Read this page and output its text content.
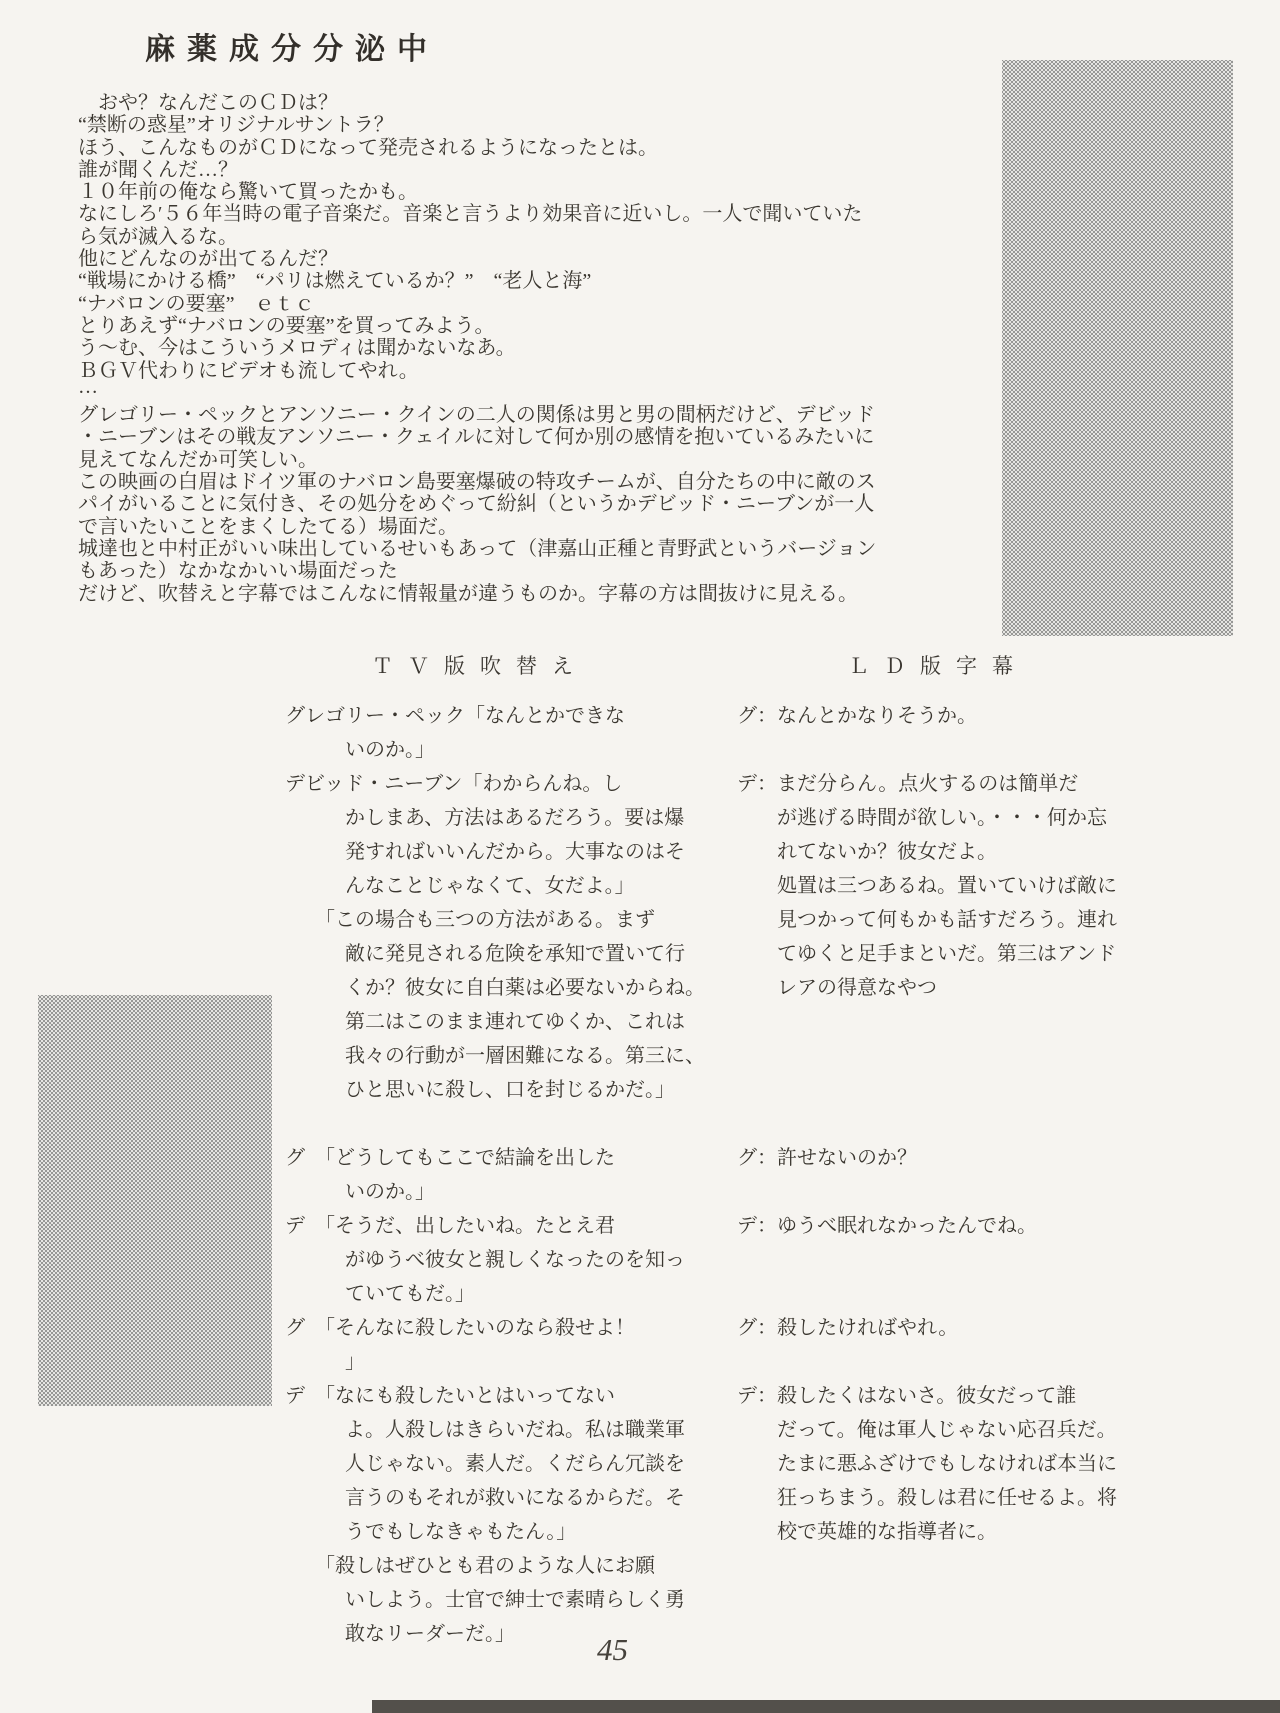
麻薬成分分泌中
　おや？なんだこのＣＤは？
“禁断の惑星”オリジナルサントラ？
ほう、こんなものがＣＤになって発売されるようになったとは。
誰が聞くんだ…？
１０年前の俺なら驚いて買ったかも。
なにしろ′５６年当時の電子音楽だ。音楽と言うより効果音に近いし。一人で聞いていた
ら気が滅入るな。
他にどんなのが出てるんだ？
“戦場にかける橋”　“パリは燃えているか？”　“老人と海”
“ナバロンの要塞”　ｅｔｃ
とりあえず“ナバロンの要塞”を買ってみよう。
う〜む、今はこういうメロディは聞かないなあ。
ＢＧＶ代わりにビデオも流してやれ。
…
グレゴリー・ペックとアンソニー・クインの二人の関係は男と男の間柄だけど、デビッド
・ニーブンはその戦友アンソニー・クェイルに対して何か別の感情を抱いているみたいに
見えてなんだか可笑しい。
この映画の白眉はドイツ軍のナバロン島要塞爆破の特攻チームが、自分たちの中に敵のス
パイがいることに気付き、その処分をめぐって紛糾（というかデビッド・ニーブンが一人
で言いたいことをまくしたてる）場面だ。
城達也と中村正がいい味出しているせいもあって（津嘉山正種と青野武というバージョン
もあった）なかなかいい場面だった
だけど、吹替えと字幕ではこんなに情報量が違うものか。字幕の方は間抜けに見える。
ＴＶ版吹替え	ＬＤ版字幕
グレゴリー・ペック「なんとかできな
　　　いのか。」
デビッド・ニーブン「わからんね。し
　　　かしまあ、方法はあるだろう。要は爆
　　　発すればいいんだから。大事なのはそ
　　　んなことじゃなくて、女だよ。」
　　「この場合も三つの方法がある。まず
　　　敵に発見される危険を承知で置いて行
　　　くか？彼女に自白薬は必要ないからね。
　　　第二はこのまま連れてゆくか、これは
　　　我々の行動が一層困難になる。第三に、
　　　ひと思いに殺し、口を封じるかだ。」
グ　「どうしてもここで結論を出した
　　　いのか。」
デ　「そうだ、出したいね。たとえ君
　　　がゆうべ彼女と親しくなったのを知っ
　　　ていてもだ。」
グ　「そんなに殺したいのなら殺せよ！
　　　」
デ　「なにも殺したいとはいってない
　　　よ。人殺しはきらいだね。私は職業軍
　　　人じゃない。素人だ。くだらん冗談を
　　　言うのもそれが救いになるからだ。そ
　　　うでもしなきゃもたん。」
　　「殺しはぜひとも君のような人にお願
　　　いしよう。士官で紳士で素晴らしく勇
　　　敢なリーダーだ。」
グ：なんとかなりそうか。
デ：まだ分らん。点火するのは簡単だ
　　が逃げる時間が欲しい。・・・何か忘
　　れてないか？彼女だよ。
　　処置は三つあるね。置いていけば敵に
　　見つかって何もかも話すだろう。連れ
　　てゆくと足手まといだ。第三はアンド
　　レアの得意なやつ
グ：許せないのか？
デ：ゆうべ眠れなかったんでね。
グ：殺したければやれ。
デ：殺したくはないさ。彼女だって誰
　　だって。俺は軍人じゃない応召兵だ。
　　たまに悪ふざけでもしなければ本当に
　　狂っちまう。殺しは君に任せるよ。将
　　校で英雄的な指導者に。
45
